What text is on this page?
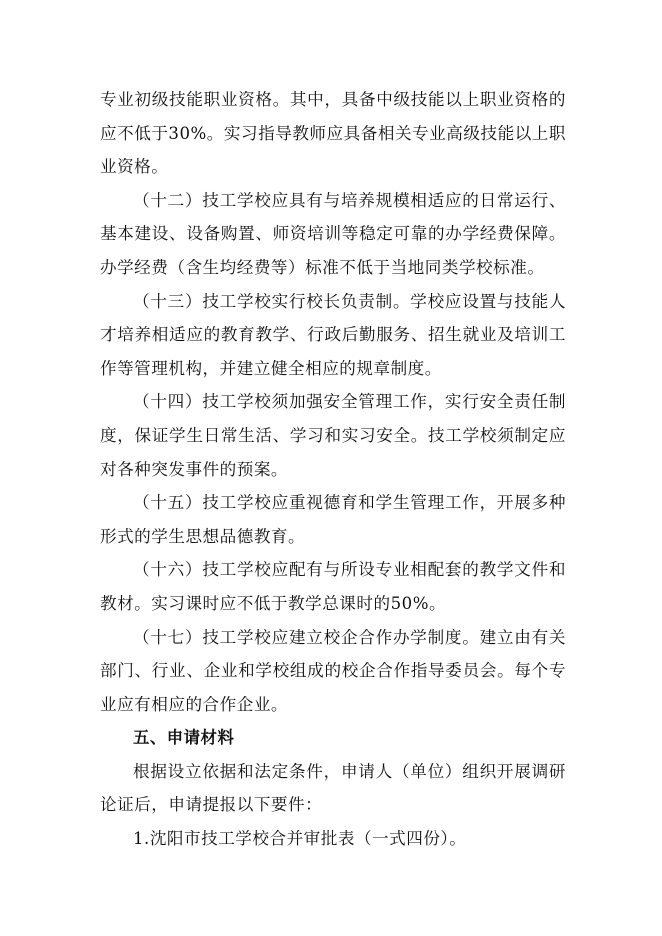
专业初级技能职业资格。其中，具备中级技能以上职业资格的应不低于30%。实习指导教师应具备相关专业高级技能以上职业资格。

（十二）技工学校应具有与培养规模相适应的日常运行、基本建设、设备购置、师资培训等稳定可靠的办学经费保障。办学经费（含生均经费等）标准不低于当地同类学校标准。

（十三）技工学校实行校长负责制。学校应设置与技能人才培养相适应的教育教学、行政后勤服务、招生就业及培训工作等管理机构，并建立健全相应的规章制度。

（十四）技工学校须加强安全管理工作，实行安全责任制度，保证学生日常生活、学习和实习安全。技工学校须制定应对各种突发事件的预案。

（十五）技工学校应重视德育和学生管理工作，开展多种形式的学生思想品德教育。

（十六）技工学校应配有与所设专业相配套的教学文件和教材。实习课时应不低于教学总课时的50%。

（十七）技工学校应建立校企合作办学制度。建立由有关部门、行业、企业和学校组成的校企合作指导委员会。每个专业应有相应的合作企业。

五、申请材料

根据设立依据和法定条件，申请人（单位）组织开展调研论证后，申请提报以下要件：

1.沈阳市技工学校合并审批表（一式四份）。
